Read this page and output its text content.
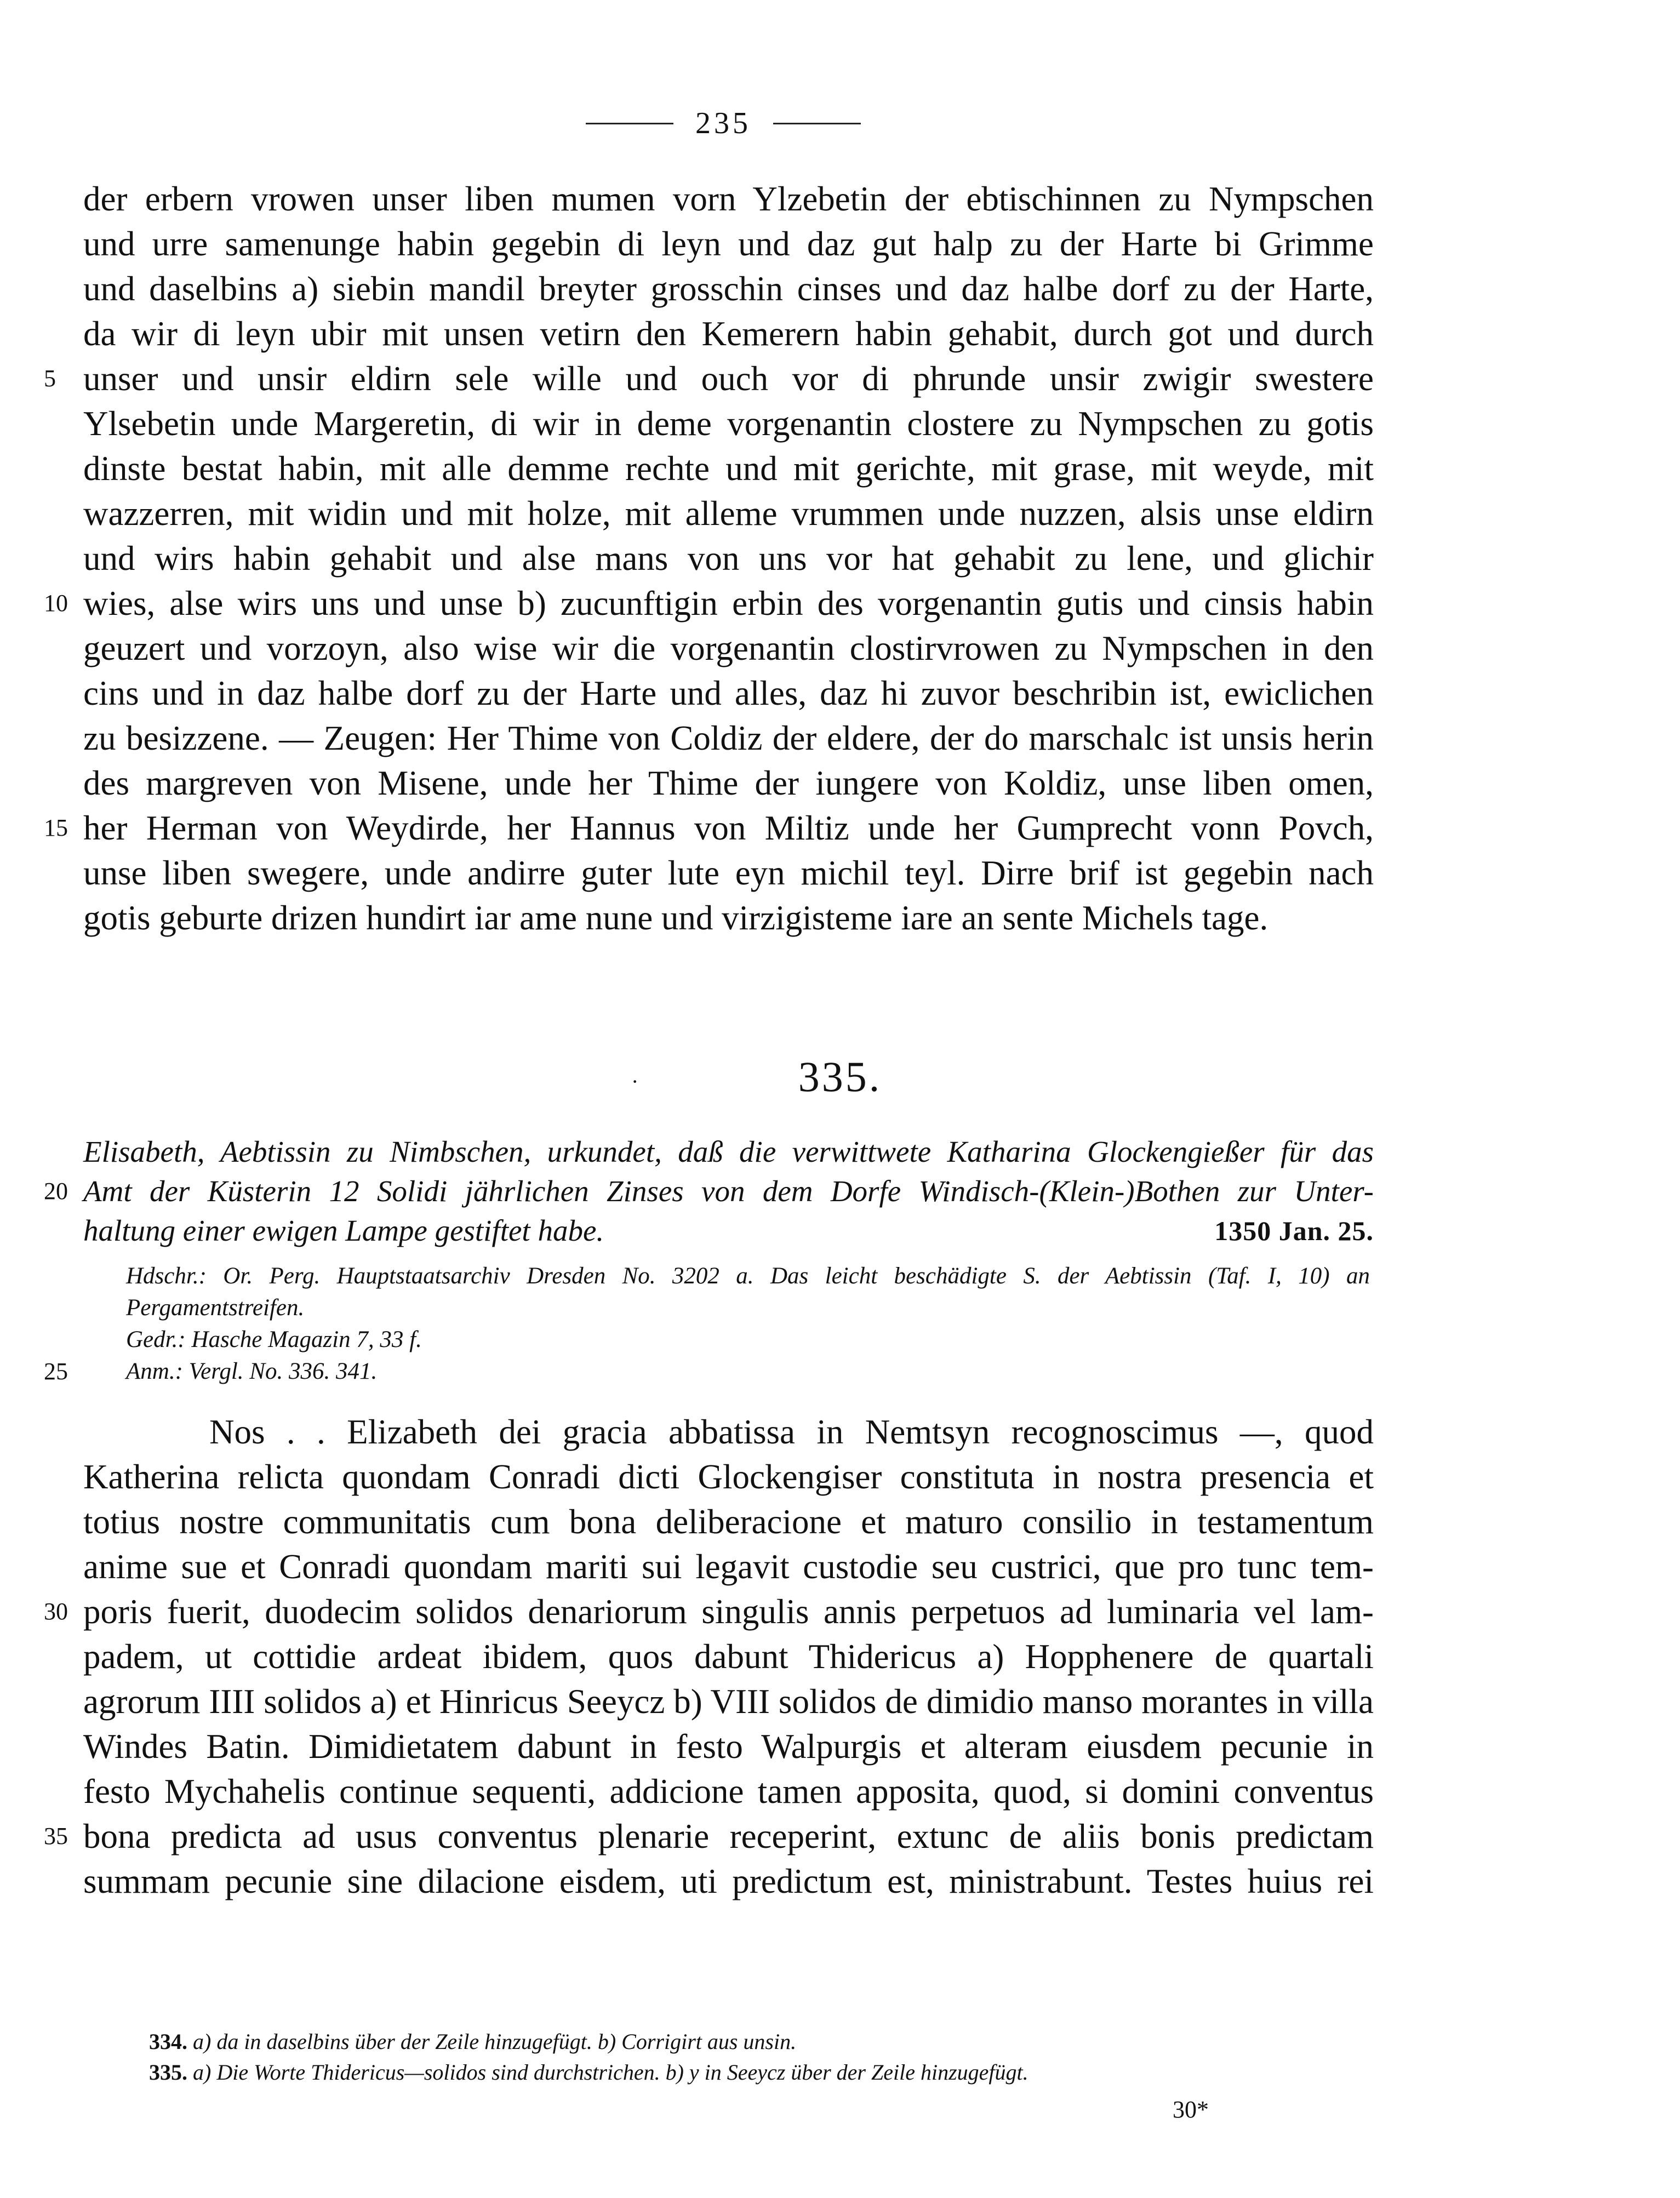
235
der erbern vrowen unser liben mumen vorn Ylzebetin der ebtischinnen zu Nympschen
und urre samenunge habin gegebin di leyn und daz gut halp zu der Harte bi Grimme
und daselbins a) siebin mandil breyter grosschin cinses und daz halbe dorf zu der Harte,
da wir di leyn ubir mit unsen vetirn den Kemerern habin gehabit, durch got und durch
5 unser und unsir eldirn sele wille und ouch vor di phrunde unsir zwigir swestere
Ylsebetin unde Margeretin, di wir in deme vorgenantin clostere zu Nympschen zu gotis
dinste bestat habin, mit alle demme rechte und mit gerichte, mit grase, mit weyde, mit
wazzerren, mit widin und mit holze, mit alleme vrummen unde nuzzen, alsis unse eldirn
und wirs habin gehabit und alse mans von uns vor hat gehabit zu lene, und glichir
10 wies, alse wirs uns und unse b) zucunftigin erbin des vorgenantin gutis und cinsis habin
geuzert und vorzoyn, also wise wir die vorgenantin clostirvrowen zu Nympschen in den
cins und in daz halbe dorf zu der Harte und alles, daz hi zuvor beschribin ist, ewiclichen
zu besizzene. — Zeugen: Her Thime von Coldiz der eldere, der do marschalc ist unsis herin
des margreven von Misene, unde her Thime der iungere von Koldiz, unse liben omen,
15 her Herman von Weydirde, her Hannus von Miltiz unde her Gumprecht vonn Povch,
unse liben swegere, unde andirre guter lute eyn michil teyl. Dirre brif ist gegebin nach
gotis geburte drizen hundirt iar ame nune und virzigisteme iare an sente Michels tage.
·	335.
Elisabeth, Aebtissin zu Nimbschen, urkundet, daß die verwittwete Katharina Glockengießer für das
20 Amt der Küsterin 12 Solidi jährlichen Zinses von dem Dorfe Windisch-(Klein-)Bothen zur Unter-
haltung einer ewigen Lampe gestiftet habe.	1350 Jan. 25.
Hdschr.: Or. Perg. Hauptstaatsarchiv Dresden No. 3202 a. Das leicht beschädigte S. der Aebtissin (Taf. I, 10) an
Pergamentstreifen.
Gedr.: Hasche Magazin 7, 33 f.
25 Anm.: Vergl. No. 336. 341.
Nos . . Elizabeth dei gracia abbatissa in Nemtsyn recognoscimus —, quod
Katherina relicta quondam Conradi dicti Glockengiser constituta in nostra presencia et
totius nostre communitatis cum bona deliberacione et maturo consilio in testamentum
anime sue et Conradi quondam mariti sui legavit custodie seu custrici, que pro tunc tem-
30 poris fuerit, duodecim solidos denariorum singulis annis perpetuos ad luminaria vel lam-
padem, ut cottidie ardeat ibidem, quos dabunt Thidericus a) Hopphenere de quartali
agrorum IIII solidos a) et Hinricus Seeycz b) VIII solidos de dimidio manso morantes in villa
Windes Batin. Dimidietatem dabunt in festo Walpurgis et alteram eiusdem pecunie in
festo Mychahelis continue sequenti, addicione tamen apposita, quod, si domini conventus
35 bona predicta ad usus conventus plenarie receperint, extunc de aliis bonis predictam
summam pecunie sine dilacione eisdem, uti predictum est, ministrabunt. Testes huius rei
334. a) da in daselbins über der Zeile hinzugefügt. b) Corrigirt aus unsin.
335. a) Die Worte Thidericus—solidos sind durchstrichen. b) y in Seeycz über der Zeile hinzugefügt.
30*
